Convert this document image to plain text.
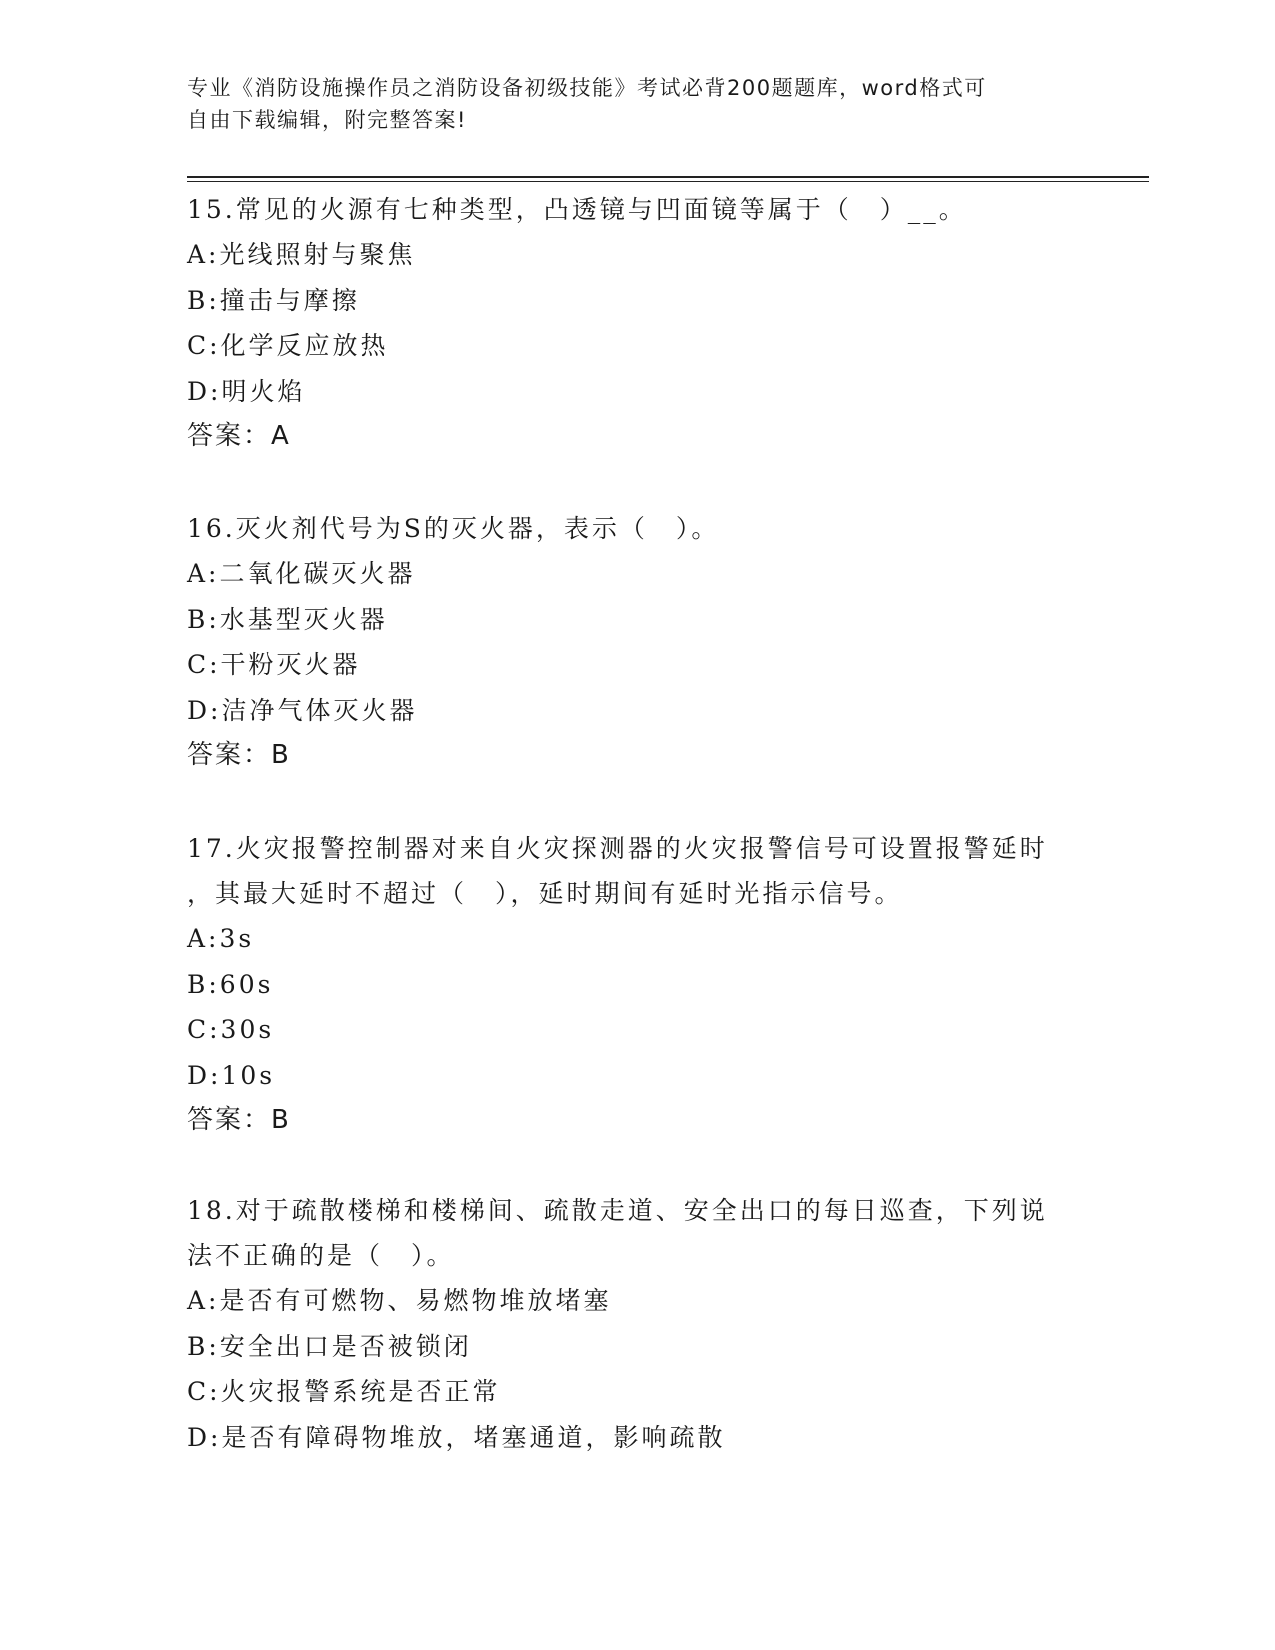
专业《消防设施操作员之消防设备初级技能》考试必背200题题库，word格式可
自由下载编辑，附完整答案!
15.常见的火源有七种类型，凸透镜与凹面镜等属于（　）__。
A:光线照射与聚焦
B:撞击与摩擦
C:化学反应放热
D:明火焰
答案：A
16.灭火剂代号为S的灭火器，表示（　）。
A:二氧化碳灭火器
B:水基型灭火器
C:干粉灭火器
D:洁净气体灭火器
答案：B
17.火灾报警控制器对来自火灾探测器的火灾报警信号可设置报警延时
，其最大延时不超过（　），延时期间有延时光指示信号。
A:3s
B:60s
C:30s
D:10s
答案：B
18.对于疏散楼梯和楼梯间、疏散走道、安全出口的每日巡查，下列说
法不正确的是（　）。
A:是否有可燃物、易燃物堆放堵塞
B:安全出口是否被锁闭
C:火灾报警系统是否正常
D:是否有障碍物堆放，堵塞通道，影响疏散
